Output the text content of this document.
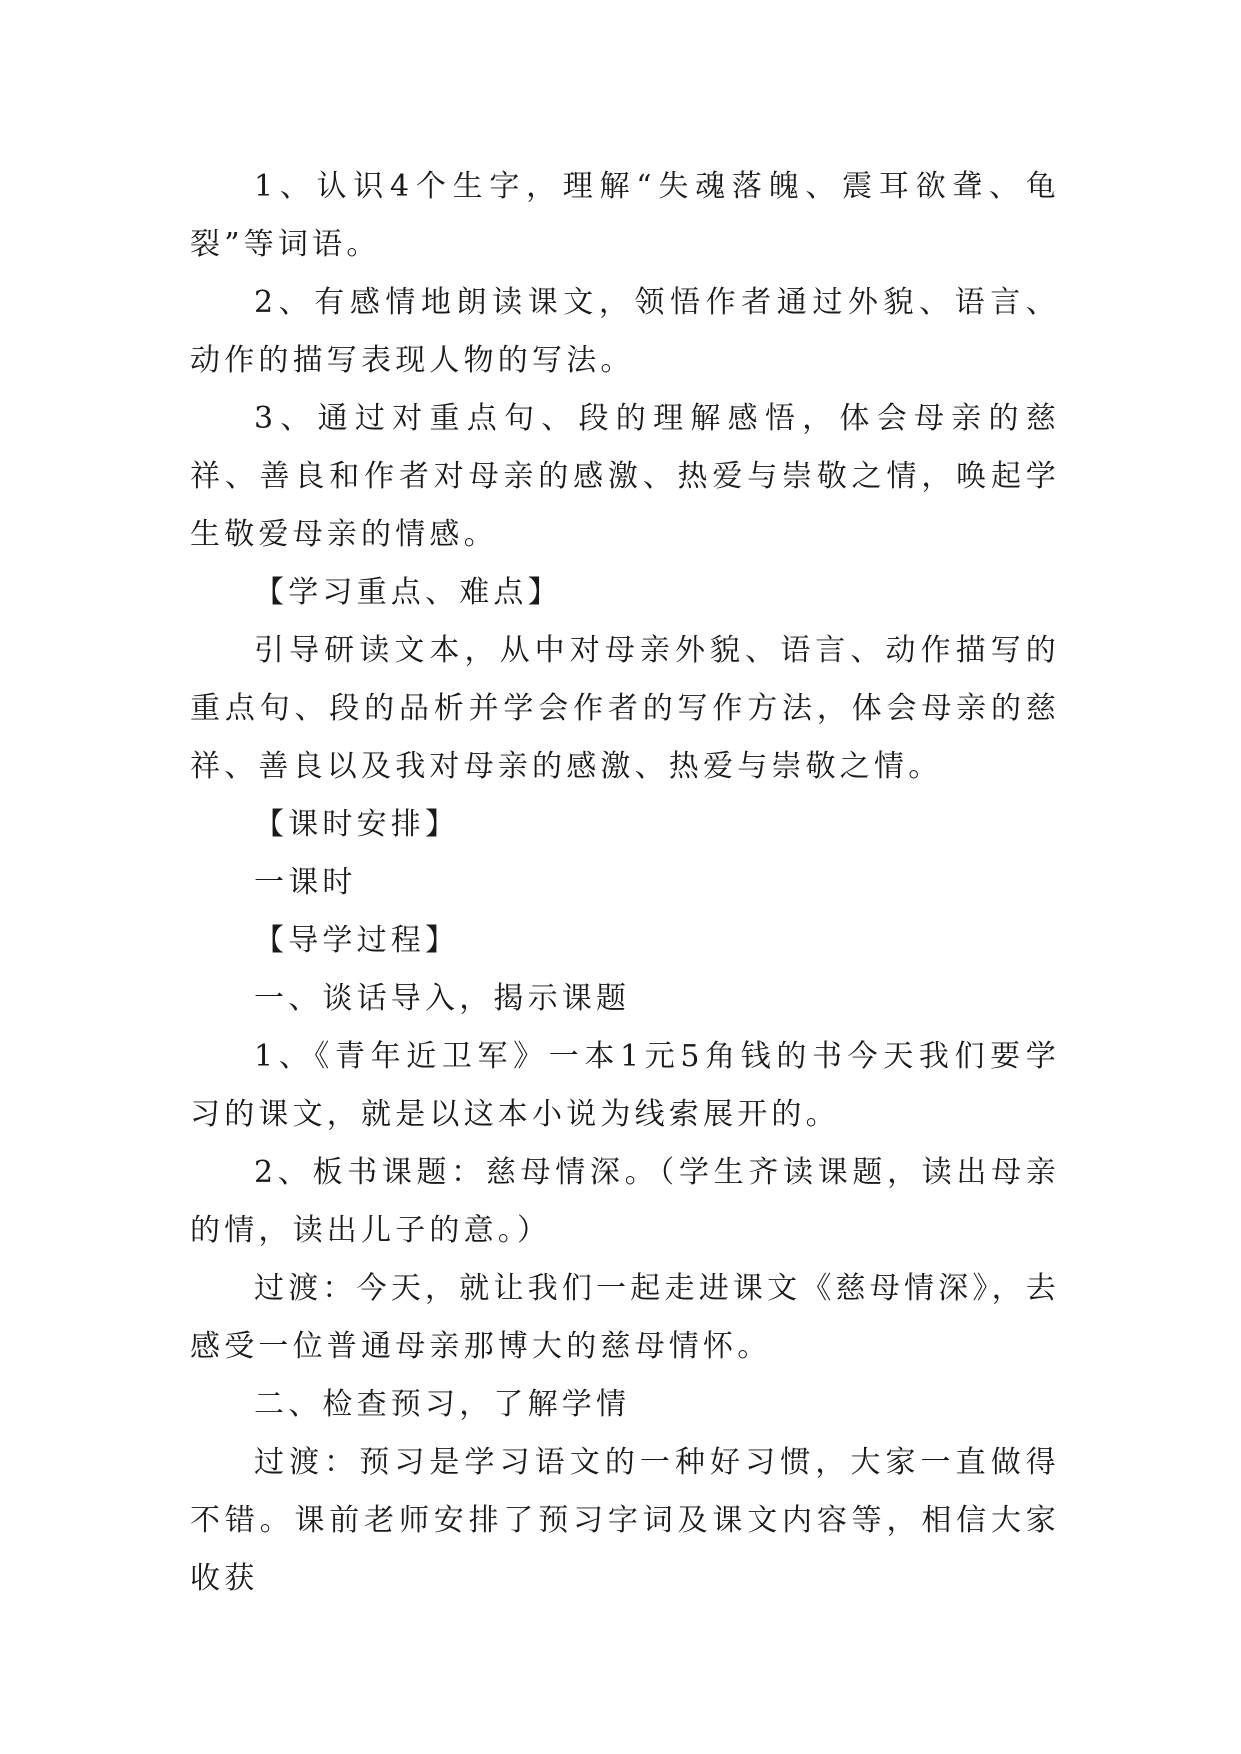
1、认识4个生字，理解“失魂落魄、震耳欲聋、龟裂”等词语。

2、有感情地朗读课文，领悟作者通过外貌、语言、动作的描写表现人物的写法。

3、通过对重点句、段的理解感悟，体会母亲的慈祥、善良和作者对母亲的感激、热爱与崇敬之情，唤起学生敬爱母亲的情感。

【学习重点、难点】

引导研读文本，从中对母亲外貌、语言、动作描写的重点句、段的品析并学会作者的写作方法，体会母亲的慈祥、善良以及我对母亲的感激、热爱与崇敬之情。

【课时安排】

一课时

【导学过程】

一、谈话导入，揭示课题

1、《青年近卫军》一本1元5角钱的书今天我们要学习的课文，就是以这本小说为线索展开的。

2、板书课题：慈母情深。（学生齐读课题，读出母亲的情，读出儿子的意。）

过渡：今天，就让我们一起走进课文《慈母情深》，去感受一位普通母亲那博大的慈母情怀。

二、检查预习，了解学情

过渡：预习是学习语文的一种好习惯，大家一直做得不错。课前老师安排了预习字词及课文内容等，相信大家收获
